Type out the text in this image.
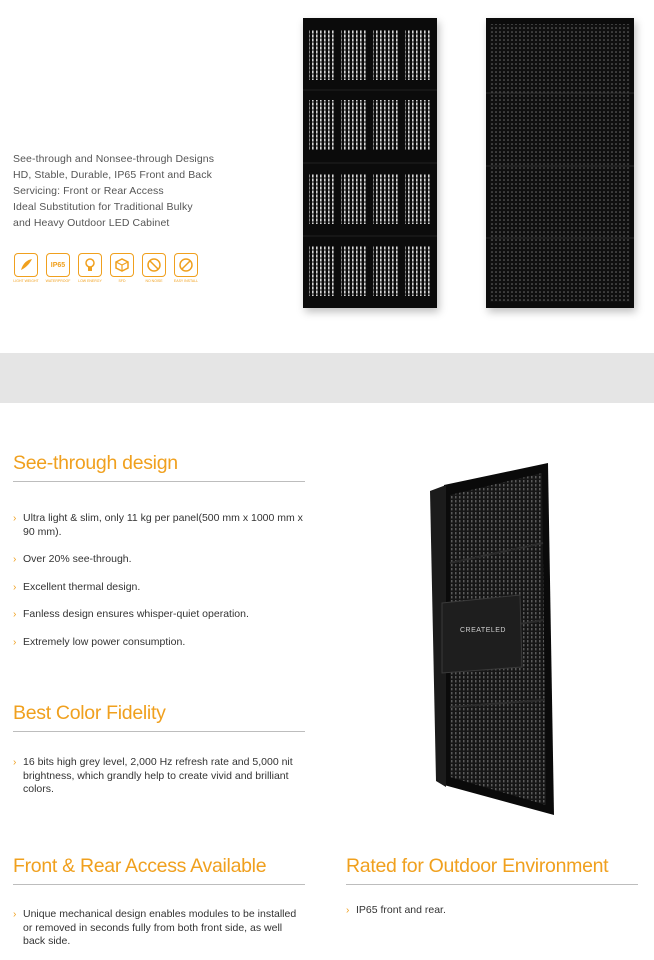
See-through and Nonsee-through Designs
HD, Stable, Durable, IP65 Front and Back
Servicing: Front or Rear Access
Ideal Substitution for Traditional Bulky
and Heavy Outdoor LED Cabinet
LIGHT WEIGHT
IP65
WATERPROOF LOW ENERGY	SFD	NO NOISE	EASY INSTALL
See-through design
› Ultra light & slim, only 11 kg per panel(500 mm x 1000 mm x 90 mm).
› Over 20% see-through.
› Excellent thermal design.
› Fanless design ensures whisper-quiet operation.
› Extremely low power consumption.
CREATELED
Best Color Fidelity
› 16 bits high grey level, 2,000 Hz refresh rate and 5,000 nit brightness, which grandly help to create vivid and brilliant colors.
Front & Rear Access Available
› Unique mechanical design enables modules to be installed or removed in seconds fully from both front side, as well back side.
Rated for Outdoor Environment
› IP65 front and rear.
